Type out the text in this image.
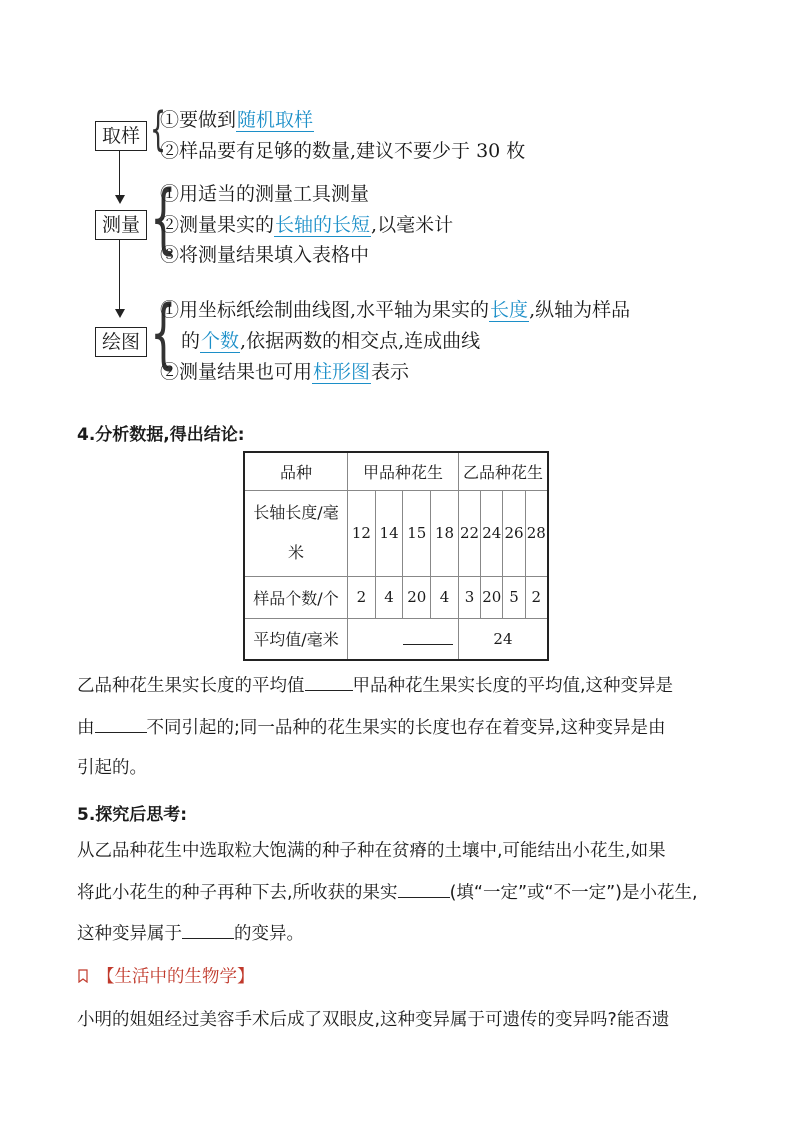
取样 {
①要做到随机取样
②样品要有足够的数量,建议不要少于 30 枚
测量 {
①用适当的测量工具测量
②测量果实的长轴的长短,以毫米计
③将测量结果填入表格中
绘图 {
①用坐标纸绘制曲线图,水平轴为果实的长度,纵轴为样品
的个数,依据两数的相交点,连成曲线
②测量结果也可用柱形图表示
4.分析数据,得出结论:
品种	甲品种花生				乙品种花生			
长轴长度/毫
米	12	14	15	18	22	24	26	28
样品个数/个	2	4	20	4	3	20	5	2
平均值/毫米					24			
乙品种花生果实长度的平均值	甲品种花生果实长度的平均值,这种变异是
由	不同引起的;同一品种的花生果实的长度也存在着变异,这种变异是由
引起的。
5.探究后思考:
从乙品种花生中选取粒大饱满的种子种在贫瘠的土壤中,可能结出小花生,如果
将此小花生的种子再种下去,所收获的果实	(填“一定”或“不一定”)是小花生,
这种变异属于	的变异。
【生活中的生物学】
小明的姐姐经过美容手术后成了双眼皮,这种变异属于可遗传的变异吗?能否遗
